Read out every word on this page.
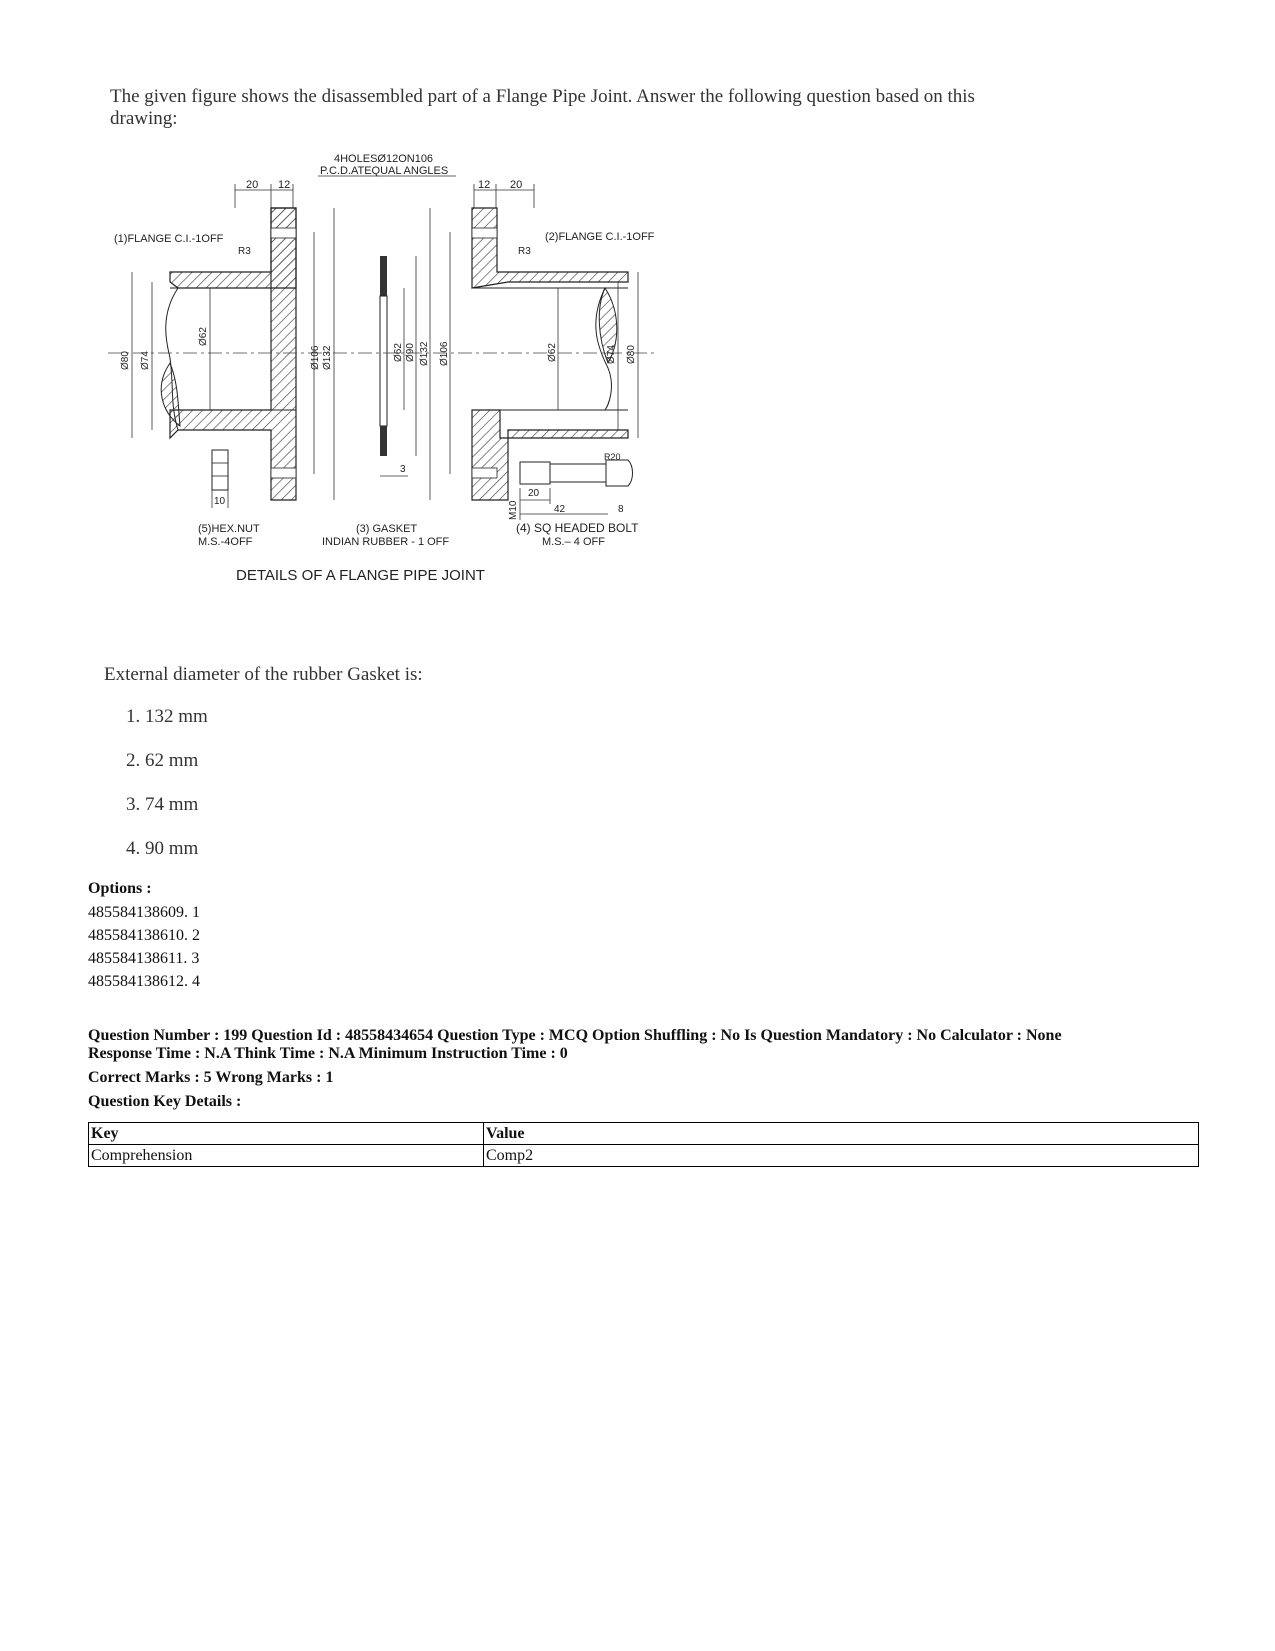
The given figure shows the disassembled part of a Flange Pipe Joint. Answer the following question based on this drawing:
4HOLESØ12ON106
P.C.D.ATEQUAL ANGLES
20 12	12 20
(1)FLANGE C.I.-1OFF	(2)FLANGE C.I.-1OFF
R3	R3
Ø80 Ø74
Ø62
Ø106 Ø132	Ø62 Ø90 Ø132 Ø106
3
Ø62	Ø74 Ø80
10
(5)HEX.NUT
M.S.-4OFF
(3) GASKET
INDIAN RUBBER - 1 OFF
R20
20
42	8
M10
(4) SQ HEADED BOLT
M.S.– 4 OFF
DETAILS OF A FLANGE PIPE JOINT
External diameter of the rubber Gasket is:
1. 132 mm
2. 62 mm
3. 74 mm
4. 90 mm
Options :
485584138609. 1
485584138610. 2
485584138611. 3
485584138612. 4
Question Number : 199 Question Id : 48558434654 Question Type : MCQ Option Shuffling : No Is Question Mandatory : No Calculator : None
Response Time : N.A Think Time : N.A Minimum Instruction Time : 0
Correct Marks : 5 Wrong Marks : 1
Question Key Details :
Key	Value
Comprehension	Comp2
